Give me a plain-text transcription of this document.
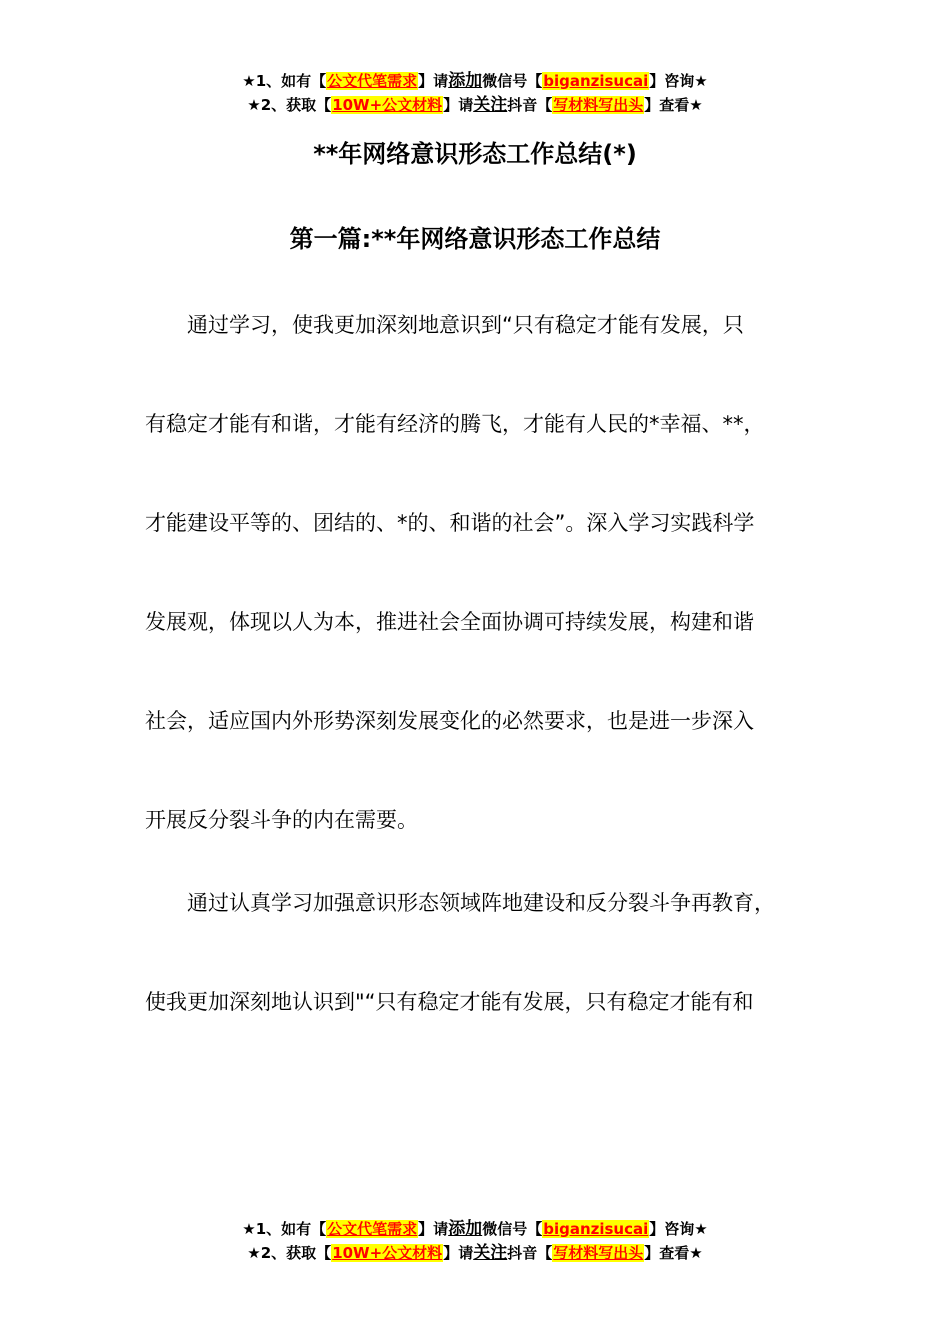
★1、如有【公文代笔需求】请添加微信号【biganzisucai】咨询★
★2、获取【10W+公文材料】请关注抖音【写材料写出头】查看★
**年网络意识形态工作总结(*)
第一篇:**年网络意识形态工作总结
　　通过学习，使我更加深刻地意识到“只有稳定才能有发展，只
有稳定才能有和谐，才能有经济的腾飞，才能有人民的*幸福、**，
才能建设平等的、团结的、*的、和谐的社会”。深入学习实践科学
发展观，体现以人为本，推进社会全面协调可持续发展，构建和谐
社会，适应国内外形势深刻发展变化的必然要求，也是进一步深入
开展反分裂斗争的内在需要。
　　通过认真学习加强意识形态领域阵地建设和反分裂斗争再教育，
使我更加深刻地认识到"“只有稳定才能有发展，只有稳定才能有和
★1、如有【公文代笔需求】请添加微信号【biganzisucai】咨询★
★2、获取【10W+公文材料】请关注抖音【写材料写出头】查看★
